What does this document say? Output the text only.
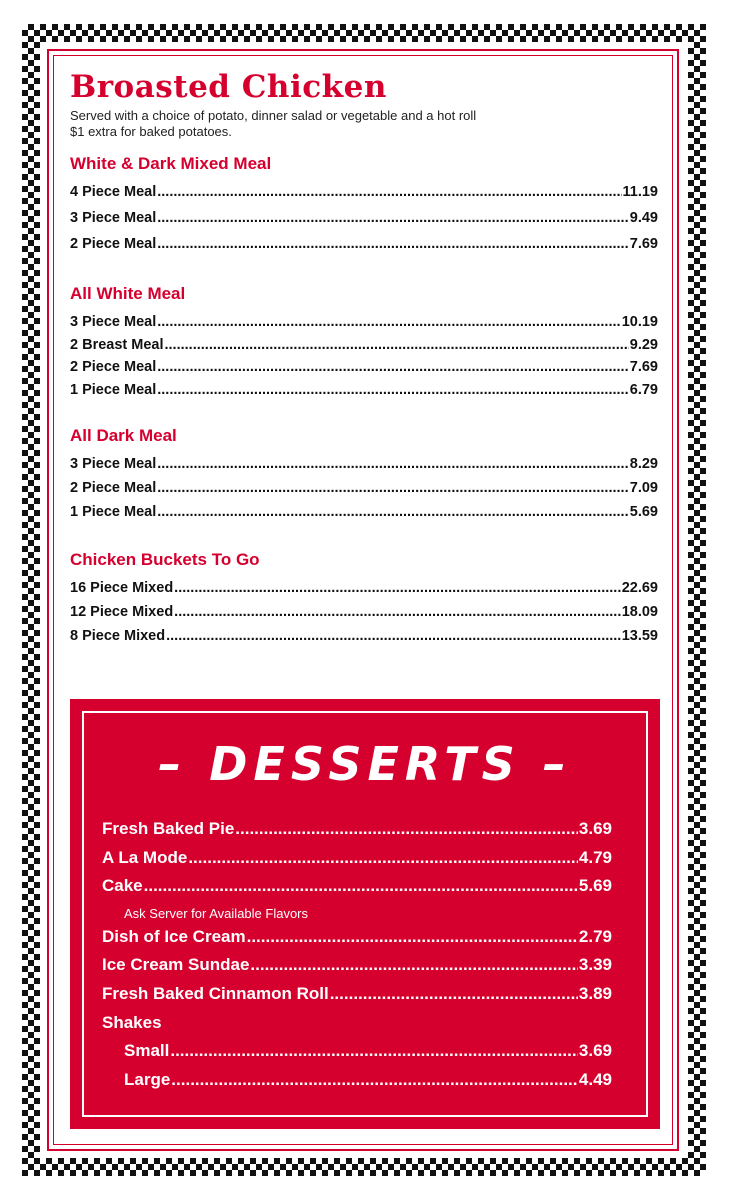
Broasted Chicken
Served with a choice of potato, dinner salad or vegetable and a hot roll
$1 extra for baked potatoes.
White & Dark Mixed Meal
4 Piece Meal .....	11.19
3 Piece Meal .....	9.49
2 Piece Meal .....	7.69
All White Meal
3 Piece Meal .....	10.19
2 Breast Meal .....	9.29
2 Piece Meal .....	7.69
1 Piece Meal .....	6.79
All Dark Meal
3 Piece Meal .....	8.29
2 Piece Meal .....	7.09
1 Piece Meal .....	5.69
Chicken Buckets To Go
16 Piece Mixed .....	22.69
12 Piece Mixed .....	18.09
8 Piece Mixed .....	13.59
– DESSERTS –
Fresh Baked Pie .....	3.69
A La Mode .....	4.79
Cake .....	5.69
Ask Server for Available Flavors
Dish of Ice Cream .....	2.79
Ice Cream Sundae .....	3.39
Fresh Baked Cinnamon Roll .....	3.89
Shakes
Small .....	3.69
Large .....	4.49
